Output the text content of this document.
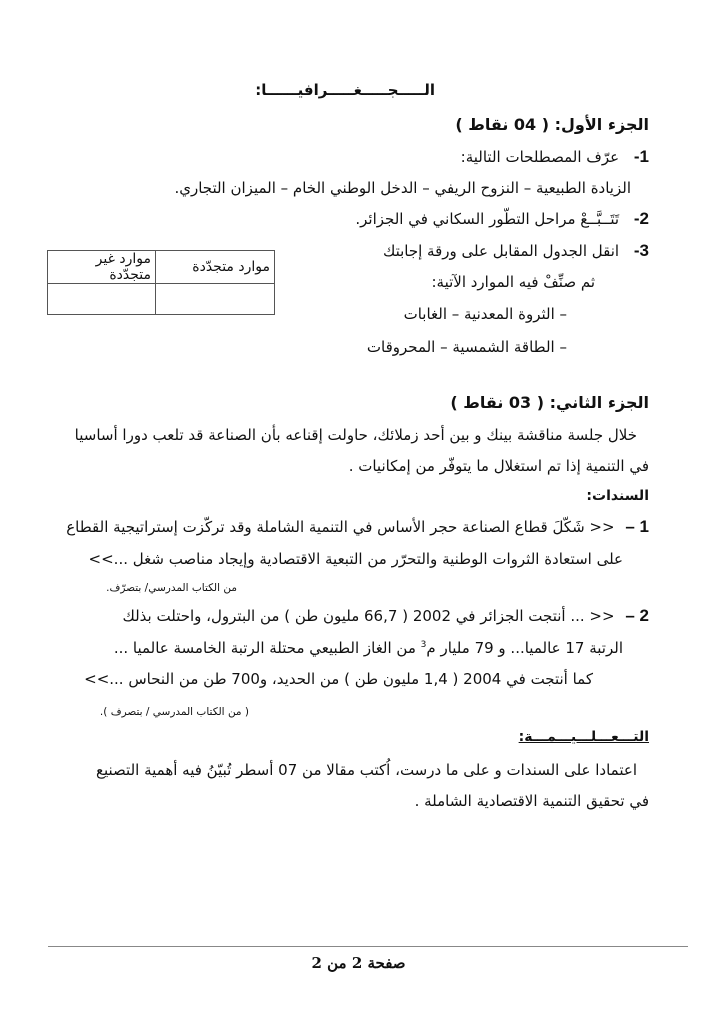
الـــــجـــــغـــــرافيــــــا:
الجزء الأول: ( 04 نقاط )
1- عرّف المصطلحات التالية:
الزيادة الطبيعية – النزوح الريفي – الدخل الوطني الخام – الميزان التجاري.
2- تَتَــبَّــعْ مراحل التطّور السكاني في الجزائر.
3- انقل الجدول المقابل على ورقة إجابتك
ثم صنِّفْ فيه الموارد الآتية:
– الثروة المعدنية – الغابات
– الطاقة الشمسية – المحروقات
موارد متجدّدة	موارد غير متجدّدة

الجزء الثاني: ( 03 نقاط )
خلال جلسة مناقشة بينك و بين أحد زملائك، حاولت إقناعه بأن الصناعة قد تلعب دورا أساسيا
في التنمية إذا تم استغلال ما يتوفّر من إمكانيات .
السندات:
1 – << شَكّلَ قطاع الصناعة حجر الأساس في التنمية الشاملة وقد تركّزت إستراتيجية القطاع
على استعادة الثروات الوطنية والتحرّر من التبعية الاقتصادية وإيجاد مناصب شغل ...>>
من الكتاب المدرسي/ بتصرّف.
2 – << ... أنتجت الجزائر في 2002 ( 66,7 مليون طن ) من البترول، واحتلت بذلك
الرتبة 17 عالميا... و 79 مليار م$^3$ من الغاز الطبيعي محتلة الرتبة الخامسة عالميا ...
كما أنتجت في 2004 ( 1,4 مليون طن ) من الحديد، و700 طن من النحاس ...>>
( من الكتاب المدرسي / بتصرف ).
التـــعـــلـــيـــمـــة:
اعتمادا على السندات و على ما درست، اُكتب مقالا من 07 أسطر تُبيّنُ فيه أهمية التصنيع
في تحقيق التنمية الاقتصادية الشاملة .
صفحة 2 من 2
